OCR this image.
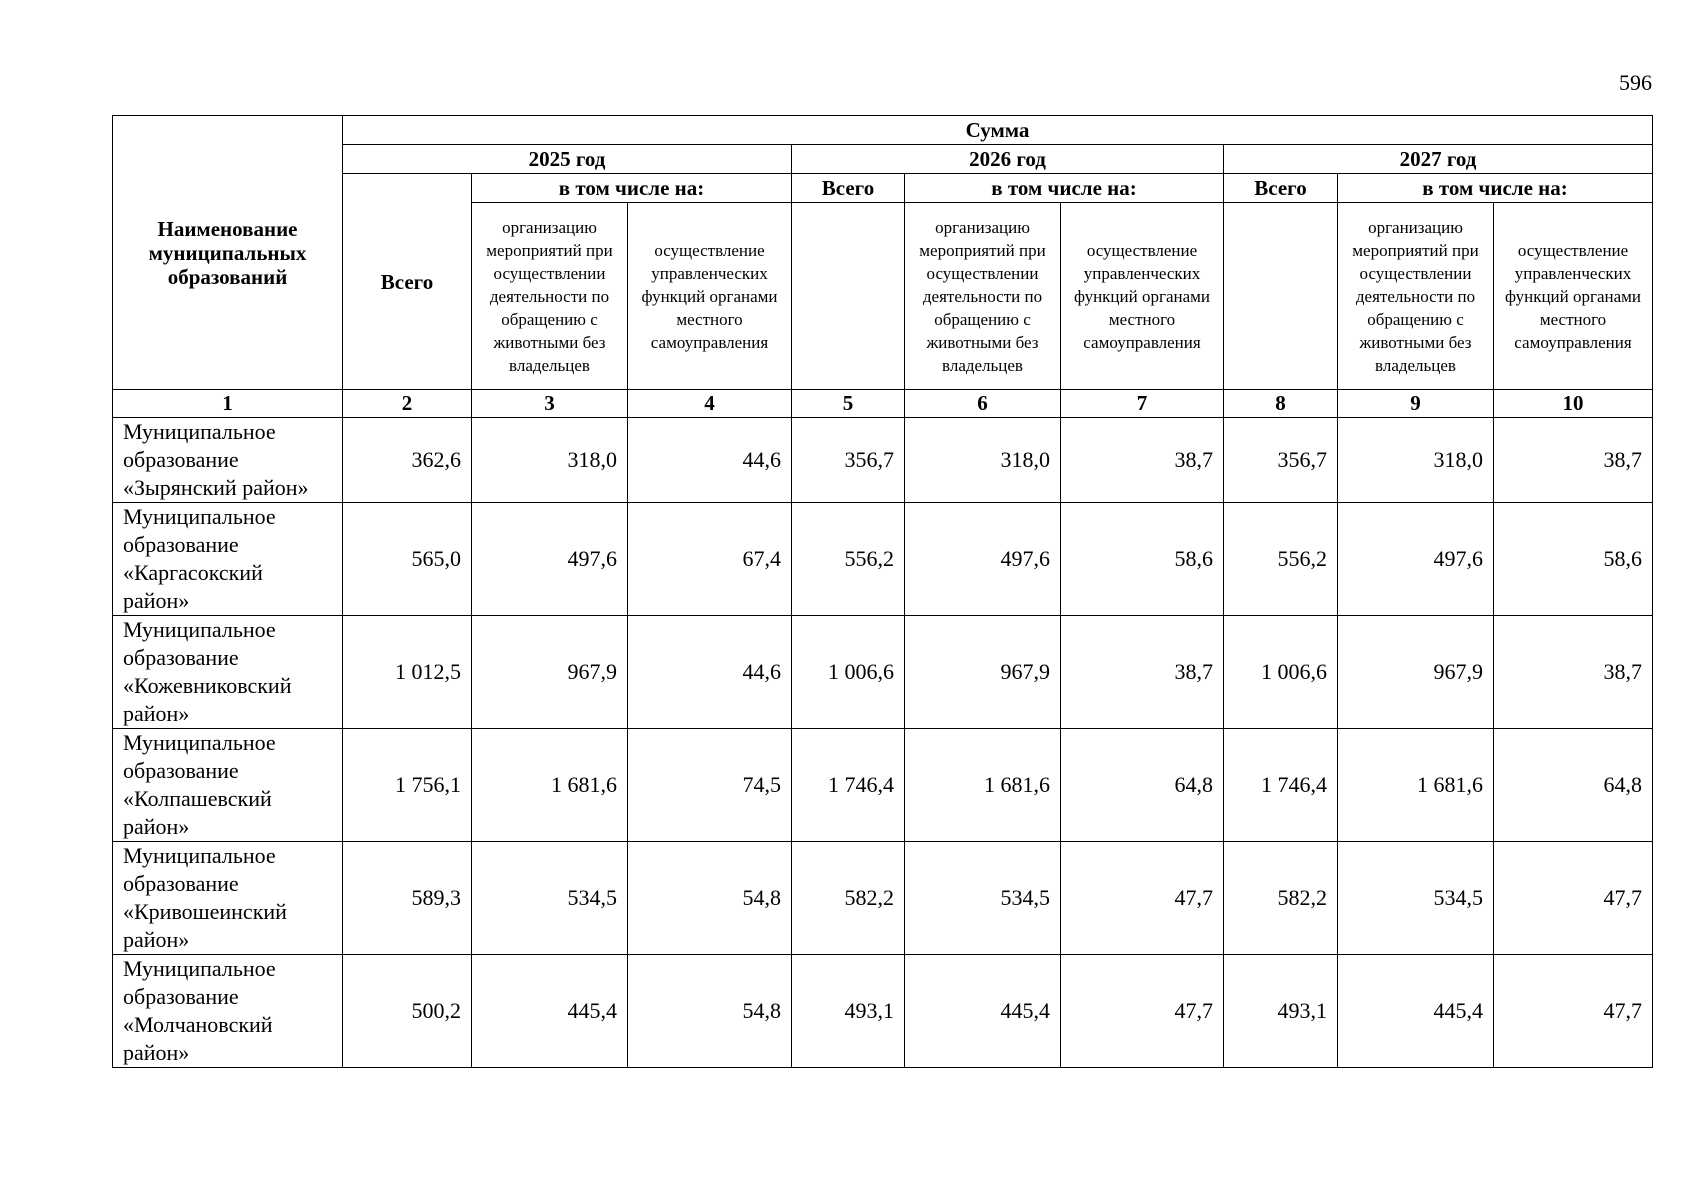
596
Наименование муниципальных образований	Сумма								
	2025 год			2026 год			2027 год		
	Всего	в том числе на:		Всего	в том числе на:		Всего	в том числе на:	
		организацию мероприятий при осуществлении деятельности по обращению с животными без владельцев	осуществление управленческих функций органами местного самоуправления		организацию мероприятий при осуществлении деятельности по обращению с животными без владельцев	осуществление управленческих функций органами местного самоуправления		организацию мероприятий при осуществлении деятельности по обращению с животными без владельцев	осуществление управленческих функций органами местного самоуправления
1	2	3	4	5	6	7	8	9	10

Муниципальное
образование
«Зырянский район»	362,6	318,0	44,6	356,7	318,0	38,7	356,7	318,0	38,7

Муниципальное
образование
«Каргасокский
район»	565,0	497,6	67,4	556,2	497,6	58,6	556,2	497,6	58,6

Муниципальное
образование
«Кожевниковский
район»	1 012,5	967,9	44,6	1 006,6	967,9	38,7	1 006,6	967,9	38,7

Муниципальное
образование
«Колпашевский
район»	1 756,1	1 681,6	74,5	1 746,4	1 681,6	64,8	1 746,4	1 681,6	64,8

Муниципальное
образование
«Кривошеинский
район»	589,3	534,5	54,8	582,2	534,5	47,7	582,2	534,5	47,7

Муниципальное
образование
«Молчановский
район»	500,2	445,4	54,8	493,1	445,4	47,7	493,1	445,4	47,7
